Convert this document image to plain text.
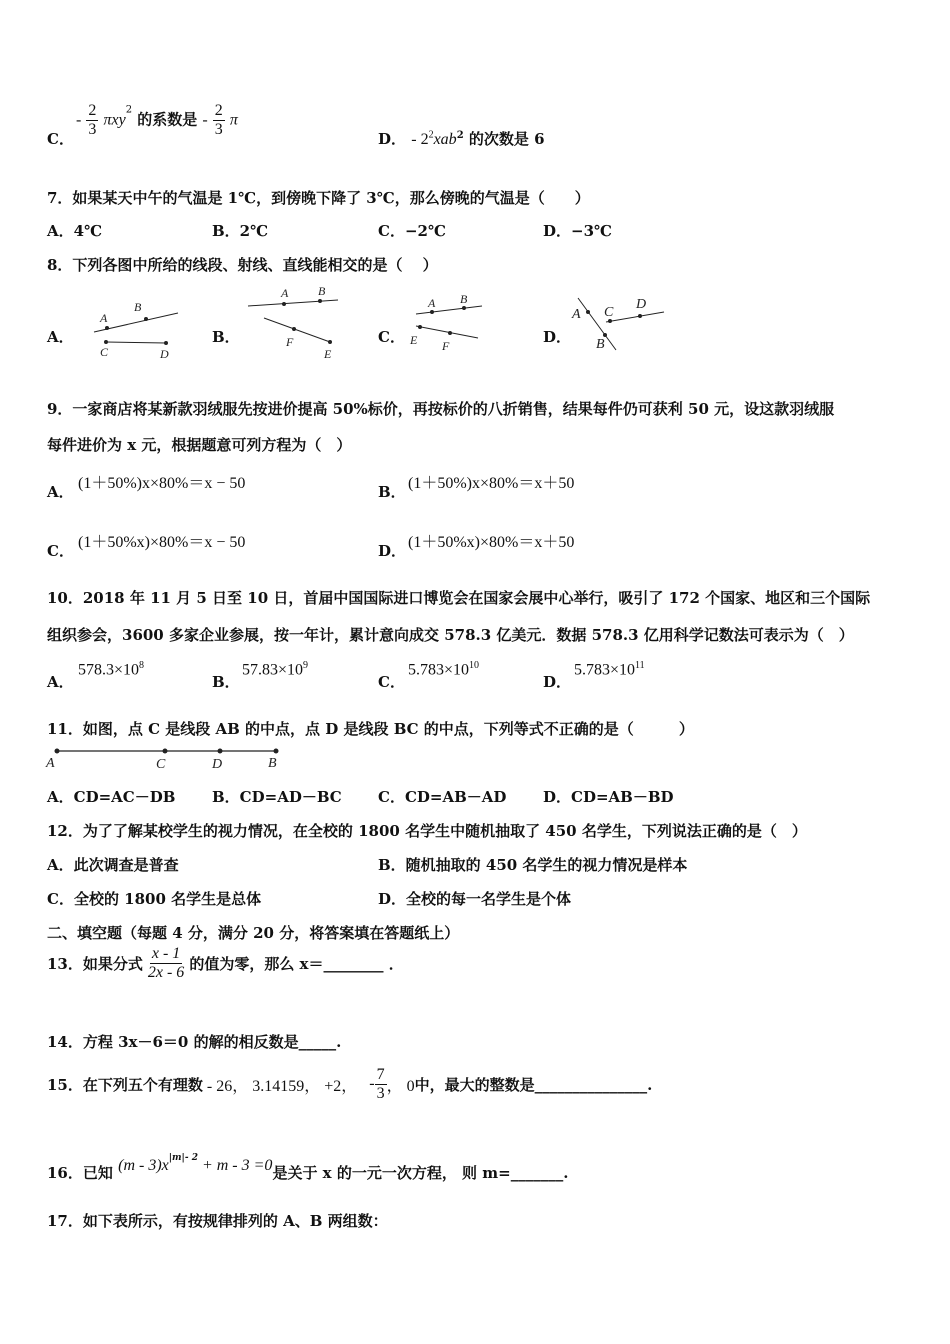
C．
- $\frac{2}{3} \pi xy^2$ 的系数是 - $\frac{2}{3}$ π
D． - $2^2xab^2$ 的次数是 6
7．如果某天中午的气温是 1℃，到傍晚下降了 3℃，那么傍晚的气温是（　　）
A．4℃	B．2℃	C．−2℃	D．−3℃
8．下列各图中所给的线段、射线、直线能相交的是（　 ）
A．	B．	C．	D．
A
B
C	D
A B
F
E
A B
E F
A C
D
B
9．一家商店将某新款羽绒服先按进价提高 50%标价，再按标价的八折销售，结果每件仍可获利 50 元，设这款羽绒服
每件进价为 x 元，根据题意可列方程为（　）
A． (1＋50%)x×80%＝x − 50	B． (1＋50%)x×80%＝x＋50
C． (1＋50%x)×80%＝x − 50	D． (1＋50%x)×80%＝x＋50
10．2018 年 11 月 5 日至 10 日，首届中国国际进口博览会在国家会展中心举行，吸引了 172 个国家、地区和三个国际
组织参会，3600 多家企业参展，按一年计，累计意向成交 578.3 亿美元．数据 578.3 亿用科学记数法可表示为（　）
A．
$578.3\times 10^8$
B．
$57.83\times 10^9$
C．
$5.783\times 10^{10}$
D．
$5.783\times 10^{11}$
11．如图，点 C 是线段 AB 的中点，点 D 是线段 BC 的中点，下列等式不正确的是（　　　）
A	C	D	B
A．CD=AC－DB B．CD=AD－BC C．CD=AB－AD D．CD=AB－BD
12．为了了解某校学生的视力情况，在全校的 1800 名学生中随机抽取了 450 名学生，下列说法正确的是（　）
A．此次调查是普查	B．随机抽取的 450 名学生的视力情况是样本
C．全校的 1800 名学生是总体	D．全校的每一名学生是个体
二、填空题（每题 4 分，满分 20 分，将答案填在答题纸上）
13．如果分式 $\frac{x - 1}{2x - 6}$ 的值为零，那么 x＝________ ．
14．方程 3x－6＝0 的解的相反数是_____.
15．在下列五个有理数 - 26， 3.14159， +2， - $\frac{7}{3}$ ， 0 中，最大的整数是_______________.
16．已知 $(m - 3)x^{|m|- 2} + m - 3 =0$是关于 x 的一元一次方程， 则 m=_______.
17．如下表所示，有按规律排列的 A、B 两组数：
